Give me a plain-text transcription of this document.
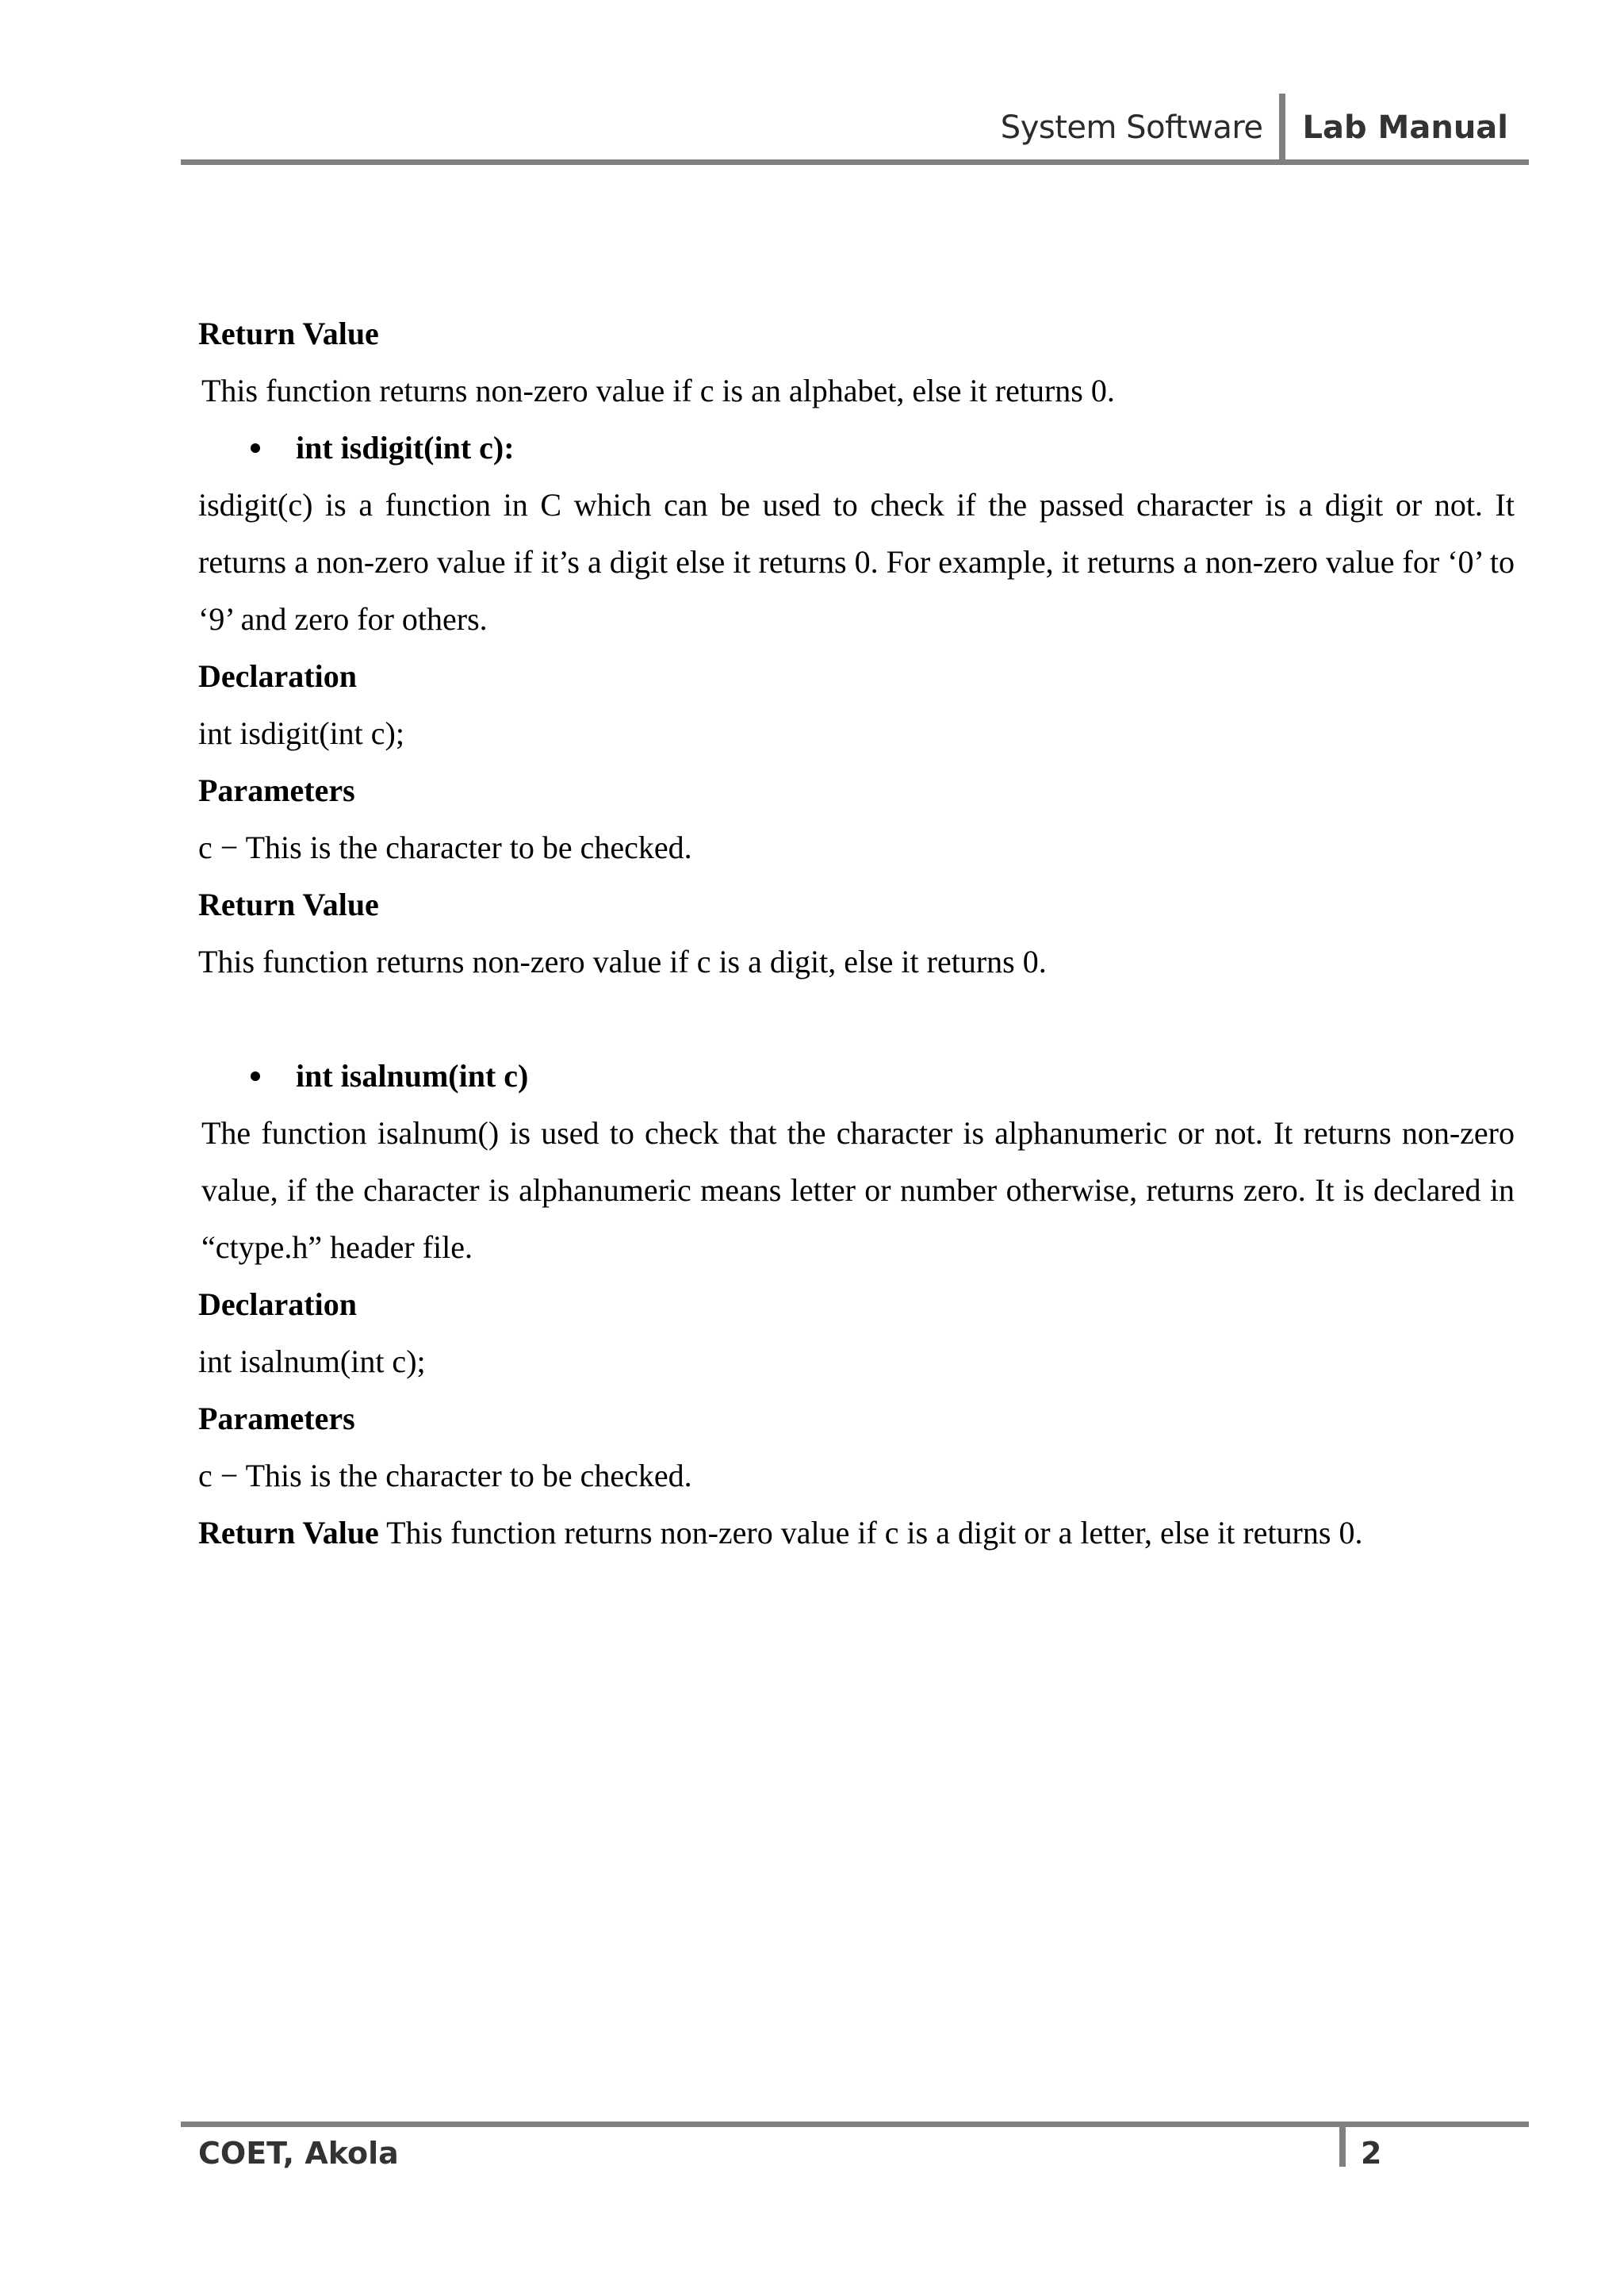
System Software	Lab Manual

Return Value

This function returns non-zero value if c is an alphabet, else it returns 0.

int isdigit(int c):

isdigit(c) is a function in C which can be used to check if the passed character is a digit or not. It returns a non-zero value if it’s a digit else it returns 0. For example, it returns a non-zero value for ‘0’ to ‘9’ and zero for others.

Declaration

int isdigit(int c);

Parameters

c − This is the character to be checked.

Return Value

This function returns non-zero value if c is a digit, else it returns 0.

int isalnum(int c)

The function isalnum() is used to check that the character is alphanumeric or not. It returns non-zero value, if the character is alphanumeric means letter or number otherwise, returns zero. It is declared in “ctype.h” header file.

Declaration

int isalnum(int c);

Parameters

c − This is the character to be checked.

Return Value This function returns non-zero value if c is a digit or a letter, else it returns 0.

COET, Akola	2
